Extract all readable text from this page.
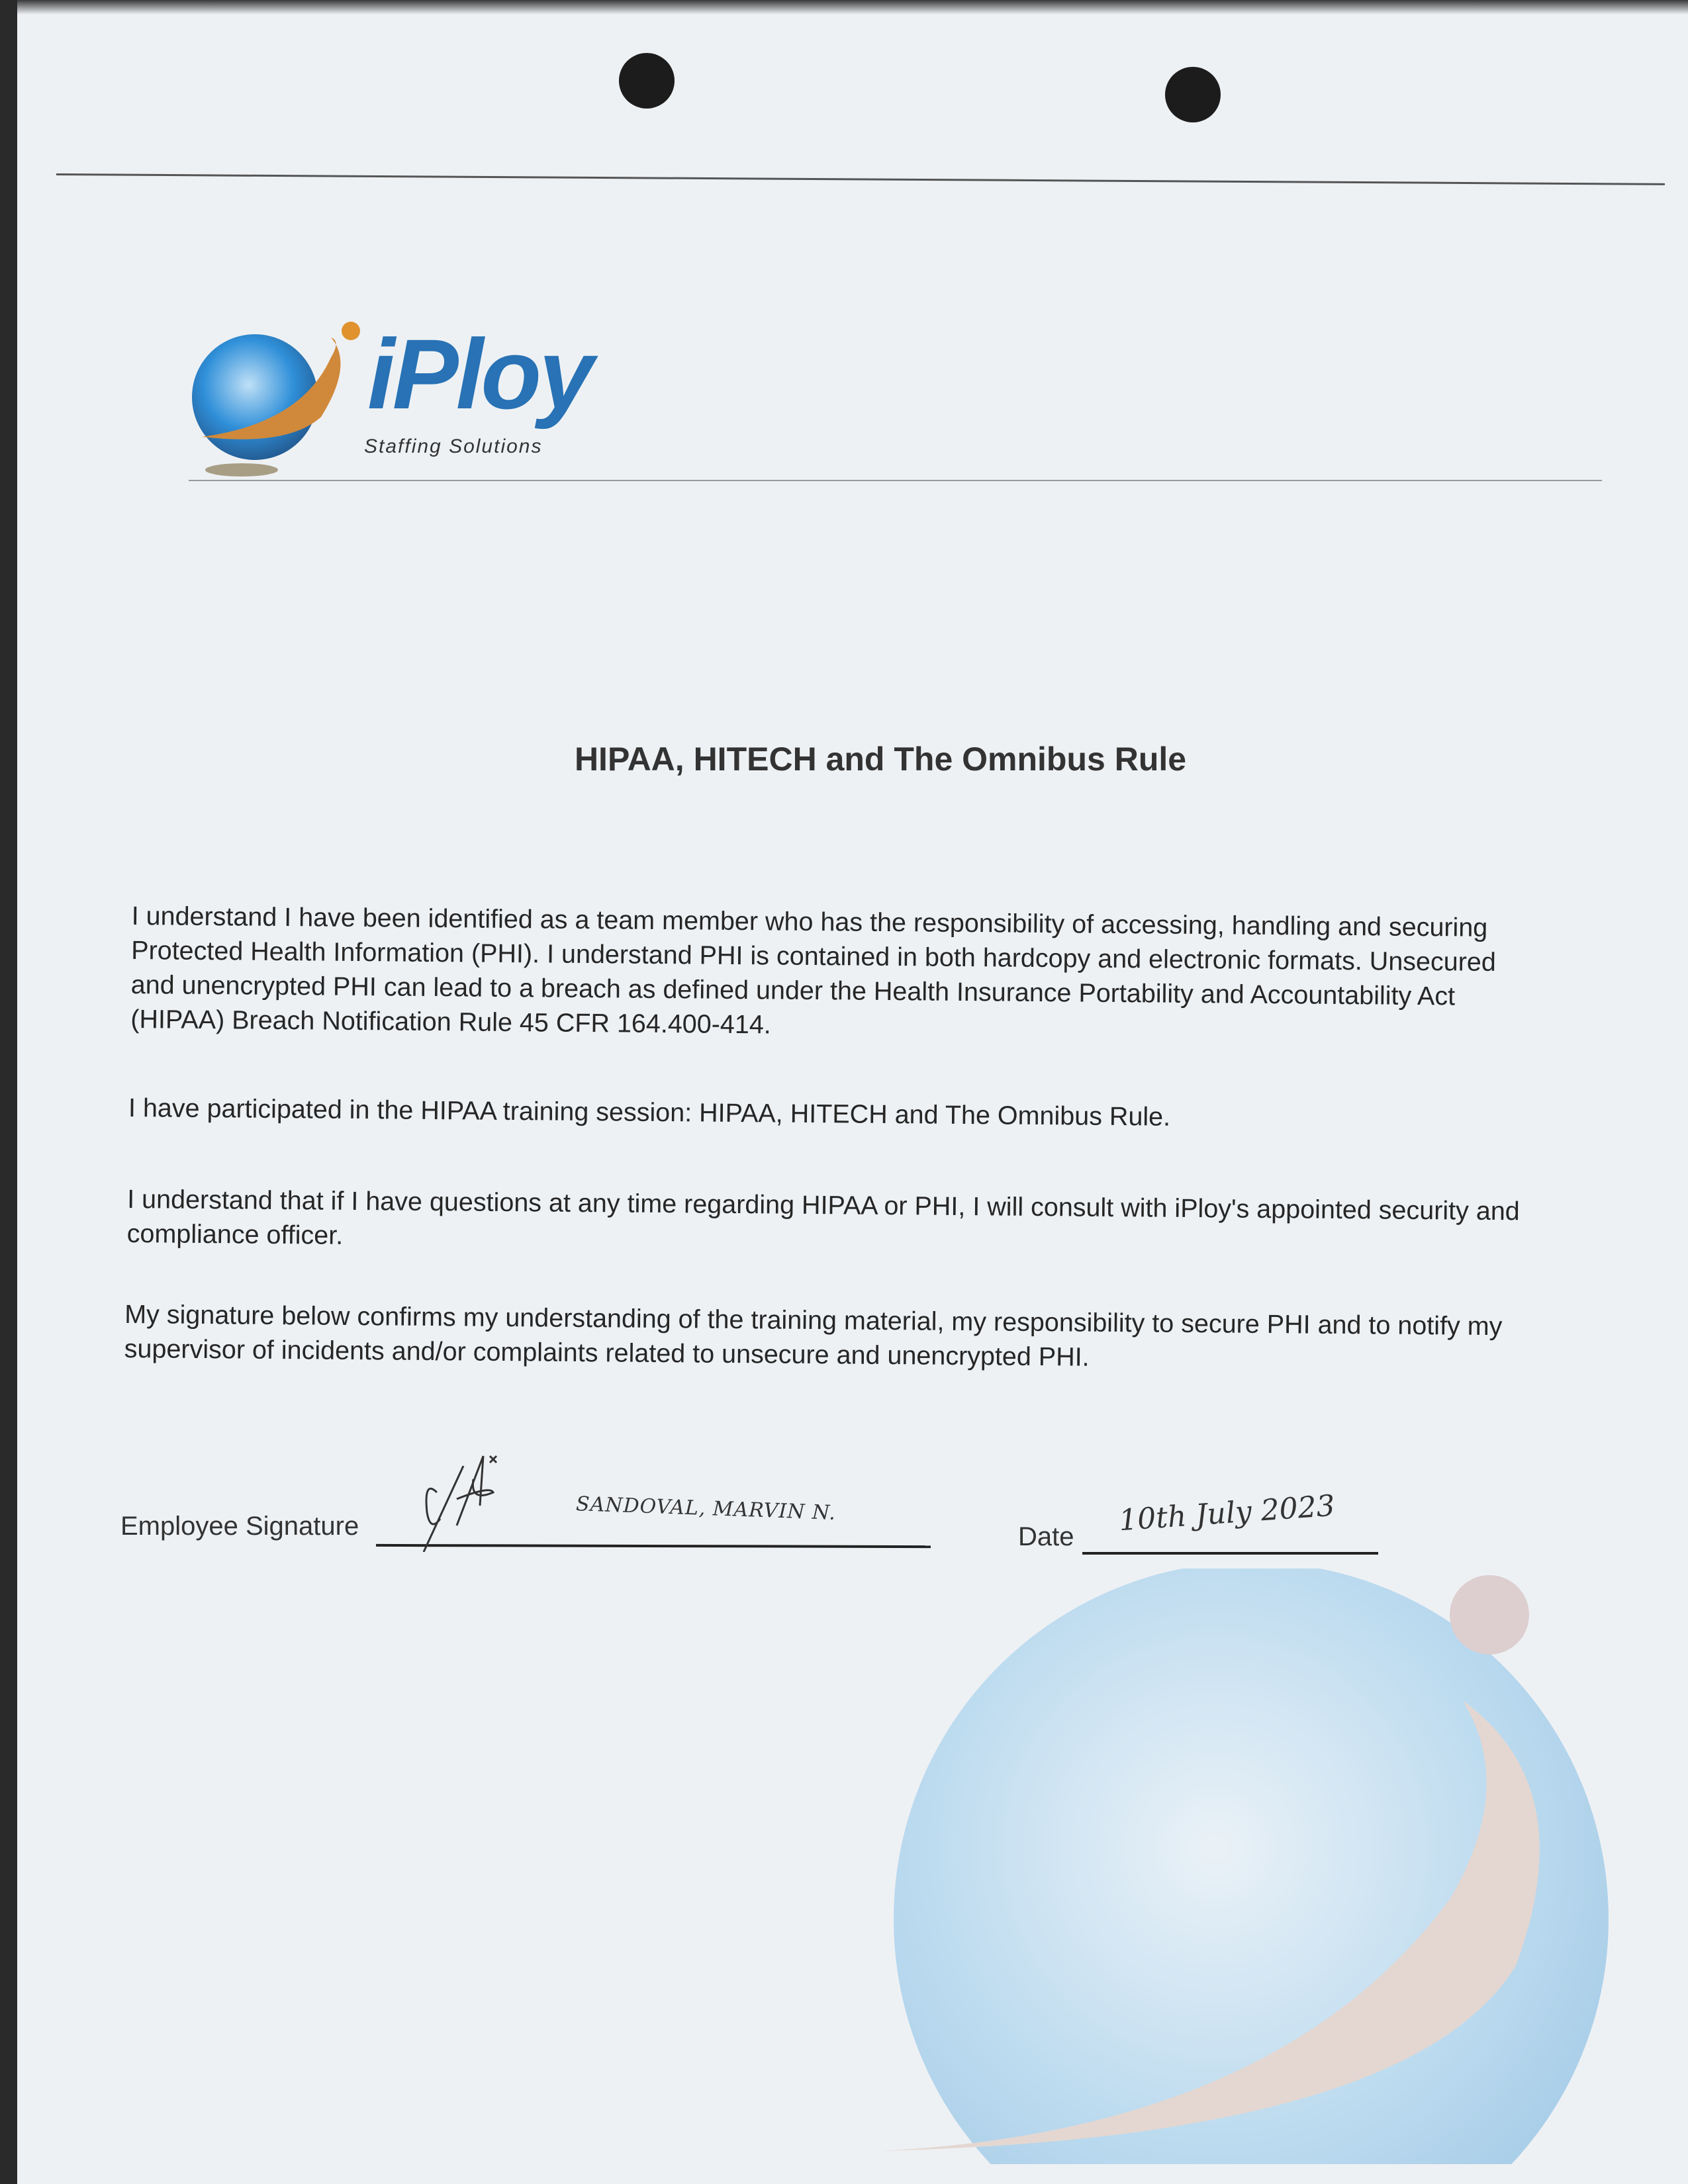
iPloy
Staffing Solutions
HIPAA, HITECH and The Omnibus Rule
I understand I have been identified as a team member who has the responsibility of accessing, handling and securing
Protected Health Information (PHI). I understand PHI is contained in both hardcopy and electronic formats. Unsecured
and unencrypted PHI can lead to a breach as defined under the Health Insurance Portability and Accountability Act
(HIPAA) Breach Notification Rule 45 CFR 164.400-414.
I have participated in the HIPAA training session: HIPAA, HITECH and The Omnibus Rule.
I understand that if I have questions at any time regarding HIPAA or PHI, I will consult with iPloy's appointed security and
compliance officer.
My signature below confirms my understanding of the training material, my responsibility to secure PHI and to notify my
supervisor of incidents and/or complaints related to unsecure and unencrypted PHI.
Employee Signature
SANDOVAL, MARVIN N.
Date 10th July 2023
